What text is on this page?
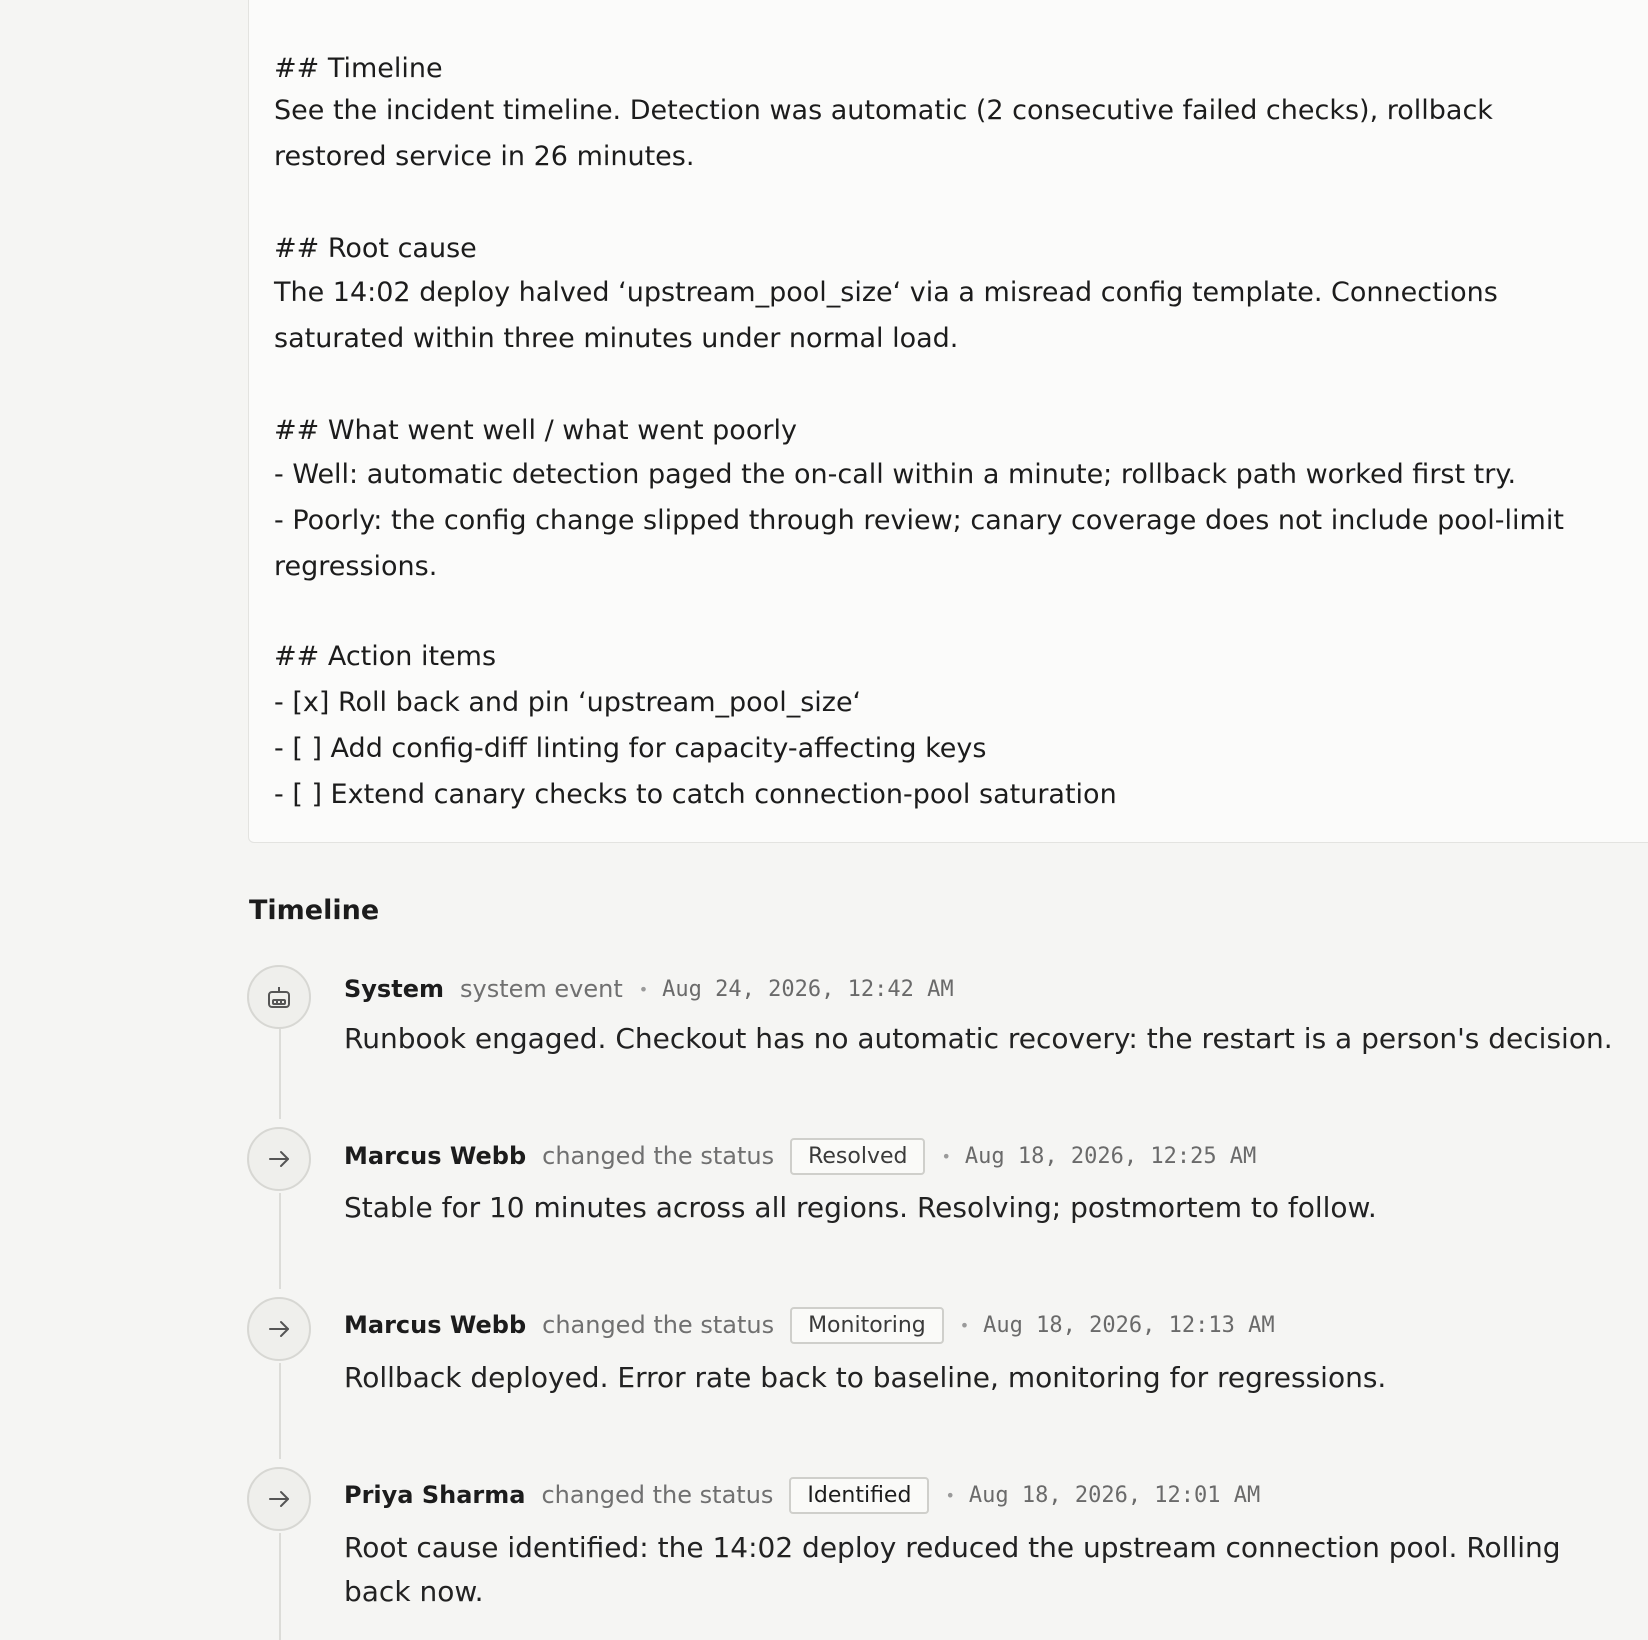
## Timeline
See the incident timeline. Detection was automatic (2 consecutive failed checks), rollback
restored service in 26 minutes.
## Root cause
The 14:02 deploy halved ‘upstream_pool_size‘ via a misread config template. Connections
saturated within three minutes under normal load.
## What went well / what went poorly
- Well: automatic detection paged the on-call within a minute; rollback path worked first try.
- Poorly: the config change slipped through review; canary coverage does not include pool-limit
regressions.
## Action items
- [x] Roll back and pin ‘upstream_pool_size‘
- [ ] Add config-diff linting for capacity-affecting keys
- [ ] Extend canary checks to catch connection-pool saturation
Timeline
System system event • Aug 24, 2026, 12:42 AM
Runbook engaged. Checkout has no automatic recovery: the restart is a person's decision.
Marcus Webb changed the status	Resolved	• Aug 18, 2026, 12:25 AM
Stable for 10 minutes across all regions. Resolving; postmortem to follow.
Marcus Webb changed the status	Monitoring	• Aug 18, 2026, 12:13 AM
Rollback deployed. Error rate back to baseline, monitoring for regressions.
Priya Sharma changed the status	Identified	• Aug 18, 2026, 12:01 AM
Root cause identified: the 14:02 deploy reduced the upstream connection pool. Rolling back now.
